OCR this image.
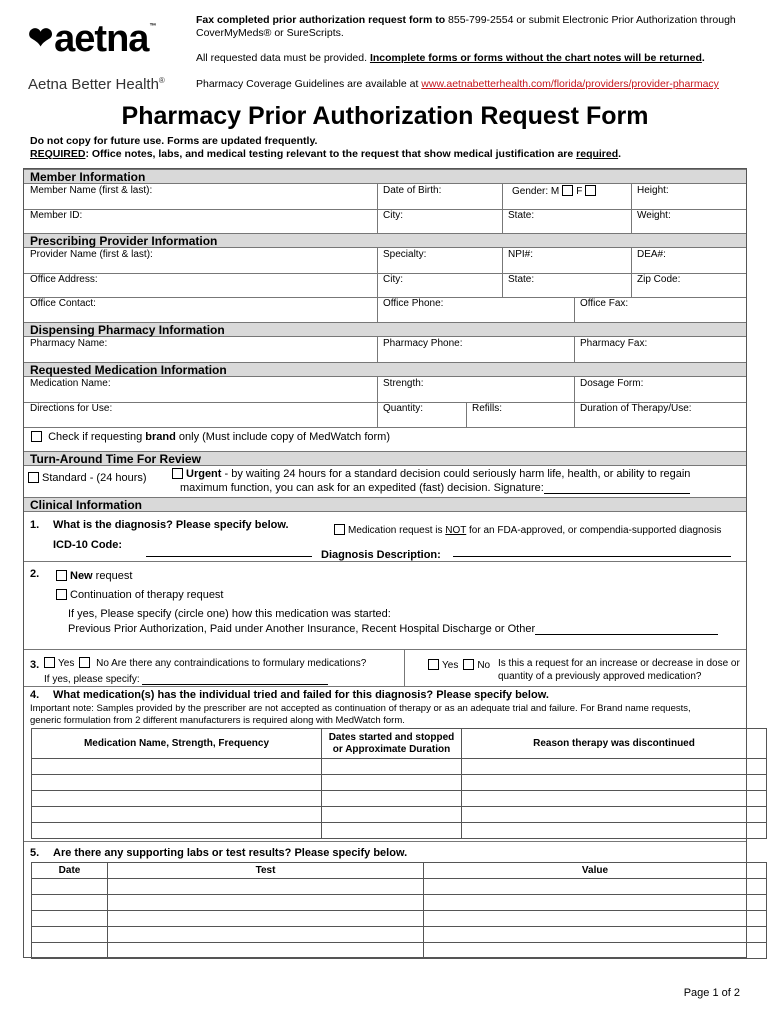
❤ aetna ™
Aetna Better Health®
Fax completed prior authorization request form to 855-799-2554 or submit Electronic Prior Authorization through
CoverMyMeds® or SureScripts.
All requested data must be provided. Incomplete forms or forms without the chart notes will be returned.
Pharmacy Coverage Guidelines are available at www.aetnabetterhealth.com/florida/providers/provider-pharmacy
Pharmacy Prior Authorization Request Form
Do not copy for future use. Forms are updated frequently.
REQUIRED: Office notes, labs, and medical testing relevant to the request that show medical justification are required.
Member Information
Member Name (first & last):	Date of Birth:	Gender: M F	Height:
Member ID:	City:	State:	Weight:
Prescribing Provider Information
Provider Name (first & last):	Specialty:	NPI#:	DEA#:
Office Address:	City:	State:	Zip Code:
Office Contact:	Office Phone:	Office Fax:
Dispensing Pharmacy Information
Pharmacy Name:	Pharmacy Phone:	Pharmacy Fax:
Requested Medication Information
Medication Name:	Strength:	Dosage Form:
Directions for Use:	Quantity:	Refills:	Duration of Therapy/Use:
Check if requesting brand only (Must include copy of MedWatch form)
Turn-Around Time For Review
Standard - (24 hours)	Urgent - by waiting 24 hours for a standard decision could seriously harm life, health, or ability to regain
maximum function, you can ask for an expedited (fast) decision. Signature:
Clinical Information
1. What is the diagnosis? Please specify below.	Medication request is NOT for an FDA-approved, or compendia-supported diagnosis
ICD-10 Code:
Diagnosis Description:
2.	New request
Continuation of therapy request
If yes, Please specify (circle one) how this medication was started:
Previous Prior Authorization, Paid under Another Insurance, Recent Hospital Discharge or Other
3.	Yes No Are there any contraindications to formulary medications?
If yes, please specify:
Yes No Is this a request for an increase or decrease in dose or
quantity of a previously approved medication?
4. What medication(s) has the individual tried and failed for this diagnosis? Please specify below.
Important note: Samples provided by the prescriber are not accepted as continuation of therapy or as an adequate trial and failure. For Brand name requests,
generic formulation from 2 different manufacturers is required along with MedWatch form.
Medication Name, Strength, Frequency	Dates started and stopped
or Approximate Duration	Reason therapy was discontinued

5. Are there any supporting labs or test results? Please specify below.
Date	Test	Value

Page 1 of 2
